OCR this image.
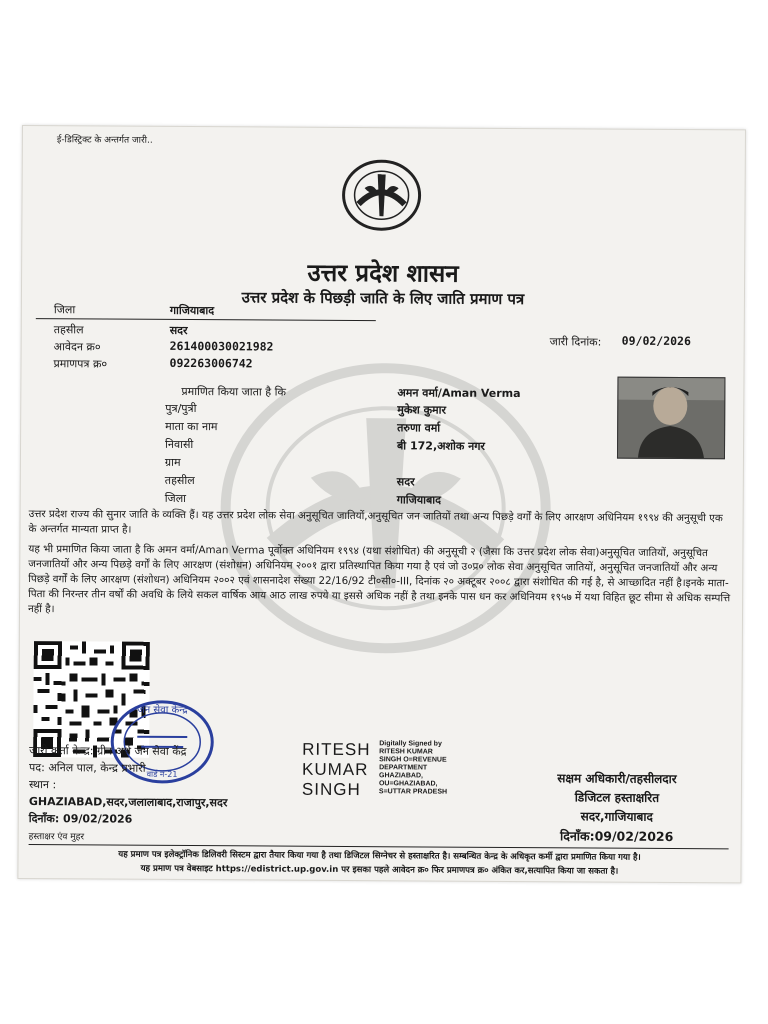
ई-डिस्ट्रिक्ट के अन्तर्गत जारी..
उत्तर प्रदेश शासन
उत्तर प्रदेश के पिछड़ी जाति के लिए जाति प्रमाण पत्र
जिला	गाजियाबाद
तहसील	सदर
आवेदन क्र०	261400030021982
प्रमाणपत्र क्र०	092263006742
जारी दिनांक: 09/02/2026
प्रमाणित किया जाता है कि	अमन वर्मा/Aman Verma
पुत्र/पुत्री	मुकेश कुमार
माता का नाम	तरुणा वर्मा
निवासी	बी 172,अशोक नगर
ग्राम
तहसील	सदर
जिला	गाजियाबाद
उत्तर प्रदेश राज्य की सुनार जाति के व्यक्ति हैं। यह उत्तर प्रदेश लोक सेवा अनुसूचित जातियों,अनुसूचित जन जातियों तथा अन्य पिछड़े वर्गों के लिए आरक्षण अधिनियम १९९४ की अनुसूची एक के अन्तर्गत मान्यता प्राप्त है।
यह भी प्रमाणित किया जाता है कि अमन वर्मा/Aman Verma पूर्वोक्त अधिनियम १९९४ (यथा संशोधित) की अनुसूची २ (जैसा कि उत्तर प्रदेश लोक सेवा)अनुसूचित जातियों, अनुसूचित जनजातियों और अन्य पिछड़े वर्गों के लिए आरक्षण (संशोधन) अधिनियम २००१ द्वारा प्रतिस्थापित किया गया है एवं जो उ०प्र० लोक सेवा अनुसूचित जातियों, अनुसूचित जनजातियों और अन्य पिछड़े वर्गों के लिए आरक्षण (संशोधन) अधिनियम २००२ एवं शासनादेश संख्या 22/16/92 टी०सी०-III, दिनांक २० अक्टूबर २००८ द्वारा संशोधित की गई है, से आच्छादित नहीं है।इनके माता-पिता की निरन्तर तीन वर्षों की अवधि के लिये सकल वार्षिक आय आठ लाख रुपये या इससे अधिक नहीं है तथा इनके पास धन कर अधिनियम १९५७ में यथा विहित छूट सीमा से अधिक सम्पत्ति नहीं है।
जन सेवा केन्द्र
वार्ड नं-21
जारी कर्ता केन्द्र: ग्रीन अर्थ जन सेवा केंद्र
पद: अनिल पाल, केन्द्र प्रभारी
स्थान :
GHAZIABAD,सदर,जलालाबाद,राजापुर,सदर
दिनाँक: 09/02/2026
हस्ताक्षर एंव मुहर
RITESH
KUMAR
SINGH
Digitally Signed by
RITESH KUMAR
SINGH O=REVENUE
DEPARTMENT
GHAZIABAD,
OU=GHAZIABAD,
S=UTTAR PRADESH
सक्षम अधिकारी/तहसीलदार
डिजिटल हस्ताक्षरित
सदर,गाजियाबाद
दिनाँक:09/02/2026
यह प्रमाण पत्र इलेक्ट्रॉनिक डिलिवरी सिस्टम द्वारा तैयार किया गया है तथा डिजिटल सिग्नेचर से हस्ताक्षरित है। सम्बन्धित केन्द्र के अधिकृत कर्मी द्वारा प्रमाणित किया गया है।
यह प्रमाण पत्र वेबसाइट https://edistrict.up.gov.in पर इसका पहले आवेदन क्र० फिर प्रमाणपत्र क्र० अंकित कर,सत्यापित किया जा सकता है।
